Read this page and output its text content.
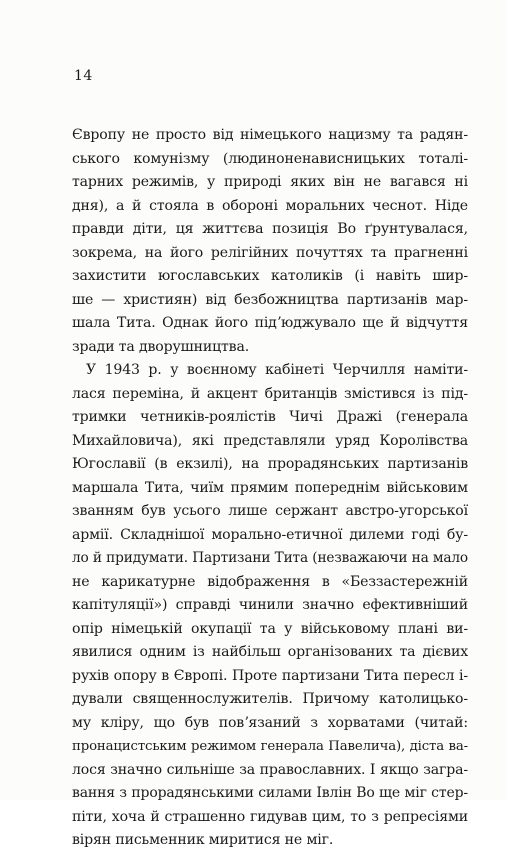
14
Європу не просто від німецького нацизму та радян-
ського комунізму (людиноненависницьких тоталі-
тарних режимів, у природі яких він не вагався ні
дня), а й стояла в обороні моральних чеснот. Ніде
правди діти, ця життєва позиція Во ґрунтувалася,
зокрема, на його релігійних почуттях та прагненні
захистити югославських католиків (і навіть шир-
ше — християн) від безбожництва партизанів мар-
шала Тита. Однак його підʼюджувало ще й відчуття
зради та дворушництва.
У 1943 р. у воєнному кабінеті Черчилля наміти-
лася переміна, й акцент британців змістився із під-
тримки четників-роялістів Чичі Дражі (генерала
Михайловича), які представляли уряд Королівства
Югославії (в екзилі), на прорадянських партизанів
маршала Тита, чиїм прямим попереднім військовим
званням був усього лише сержант австро-угорської
армії. Складнішої морально-етичної дилеми годі бу-
ло й придумати. Партизани Тита (незважаючи на мало
не карикатурне відображення в «Беззастережній
капітуляції») справді чинили значно ефективніший
опір німецькій окупації та у військовому плані ви-
явилися одним із найбільш організованих та дієвих
рухів опору в Європі. Проте партизани Тита пересл і-
дували священнослужителів. Причому католицько-
му кліру, що був повʼязаний з хорватами (читай:
пронацистським режимом генерала Павелича), діста ва-
лося значно сильніше за православних. І якщо загра-
вання з прорадянськими силами Івлін Во ще міг стер-
піти, хоча й страшенно гидував цим, то з репресіями
вірян письменник миритися не міг.
